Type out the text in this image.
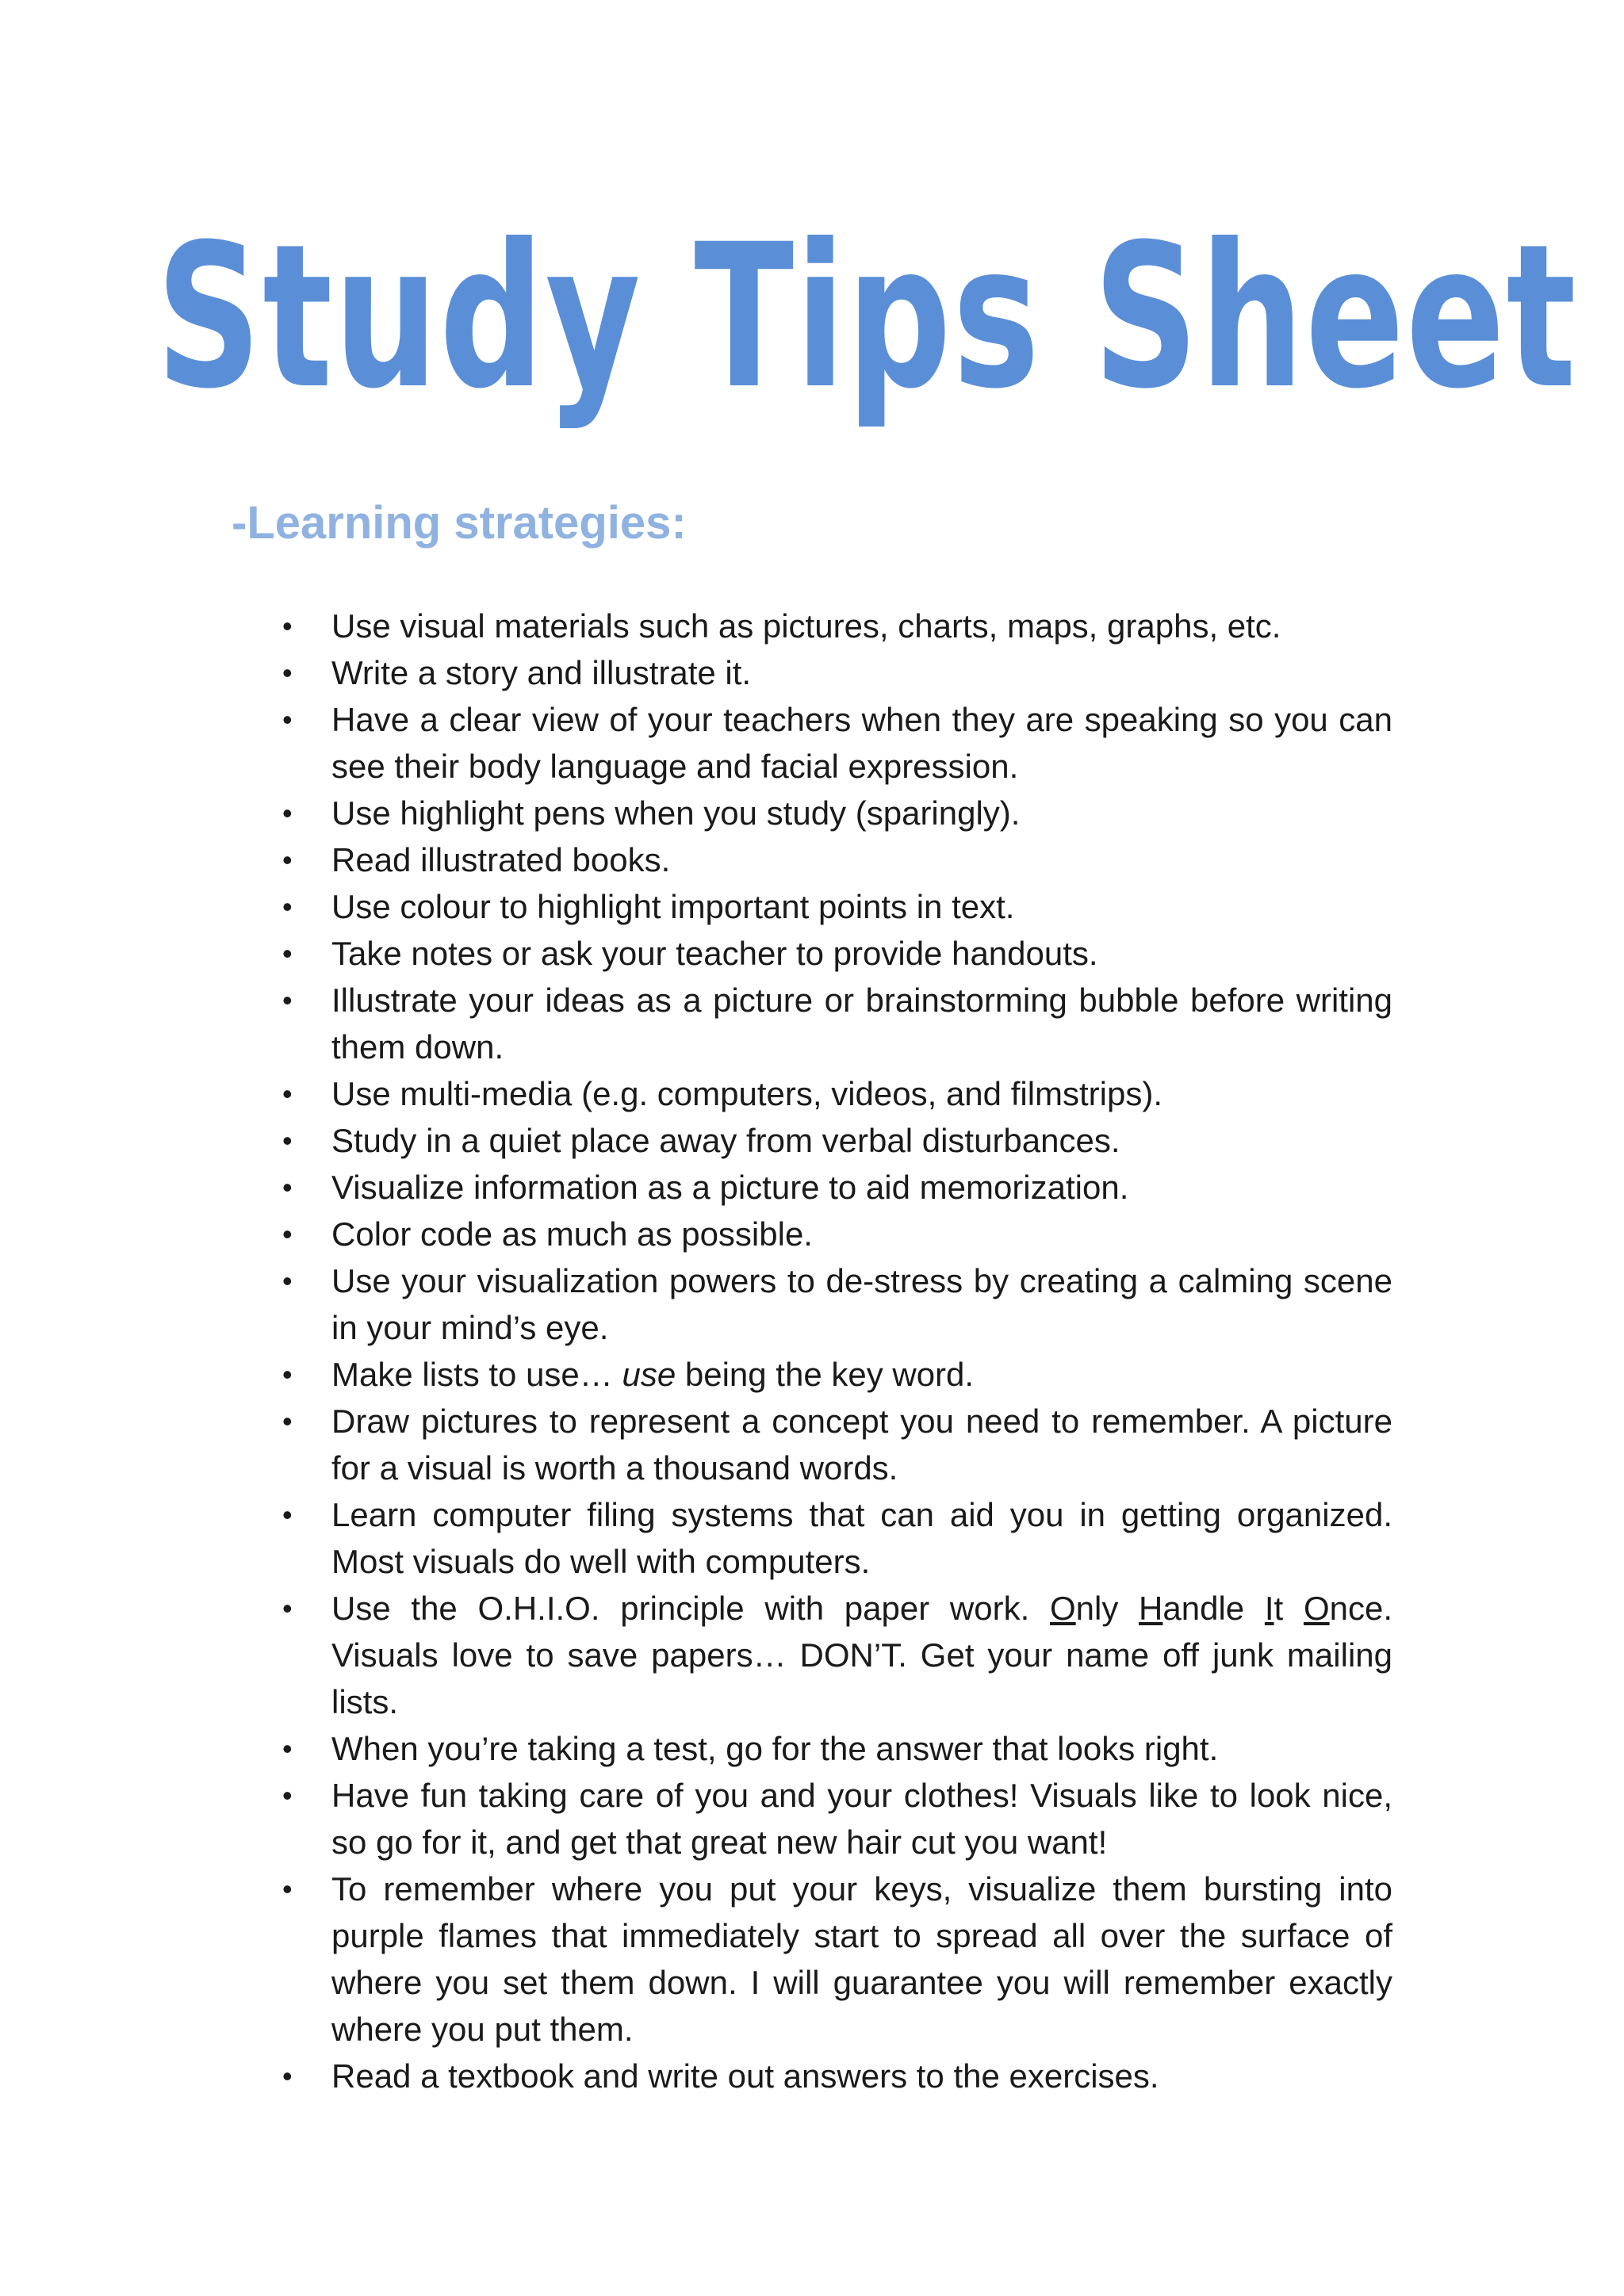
Study Tips Sheet
-Learning strategies:
• Use visual materials such as pictures, charts, maps, graphs, etc.
• Write a story and illustrate it.
• Have a clear view of your teachers when they are speaking so you can see their body language and facial expression.
• Use highlight pens when you study (sparingly).
• Read illustrated books.
• Use colour to highlight important points in text.
• Take notes or ask your teacher to provide handouts.
• Illustrate your ideas as a picture or brainstorming bubble before writing them down.
• Use multi-media (e.g. computers, videos, and filmstrips).
• Study in a quiet place away from verbal disturbances.
• Visualize information as a picture to aid memorization.
• Color code as much as possible.
• Use your visualization powers to de-stress by creating a calming scene in your mind’s eye.
• Make lists to use… use being the key word.
• Draw pictures to represent a concept you need to remember. A picture for a visual is worth a thousand words.
• Learn computer filing systems that can aid you in getting organized. Most visuals do well with computers.
• Use the O.H.I.O. principle with paper work. Only Handle It Once. Visuals love to save papers… DON’T. Get your name off junk mailing lists.
• When you’re taking a test, go for the answer that looks right.
• Have fun taking care of you and your clothes! Visuals like to look nice, so go for it, and get that great new hair cut you want!
• To remember where you put your keys, visualize them bursting into purple flames that immediately start to spread all over the surface of where you set them down. I will guarantee you will remember exactly where you put them.
• Read a textbook and write out answers to the exercises.
